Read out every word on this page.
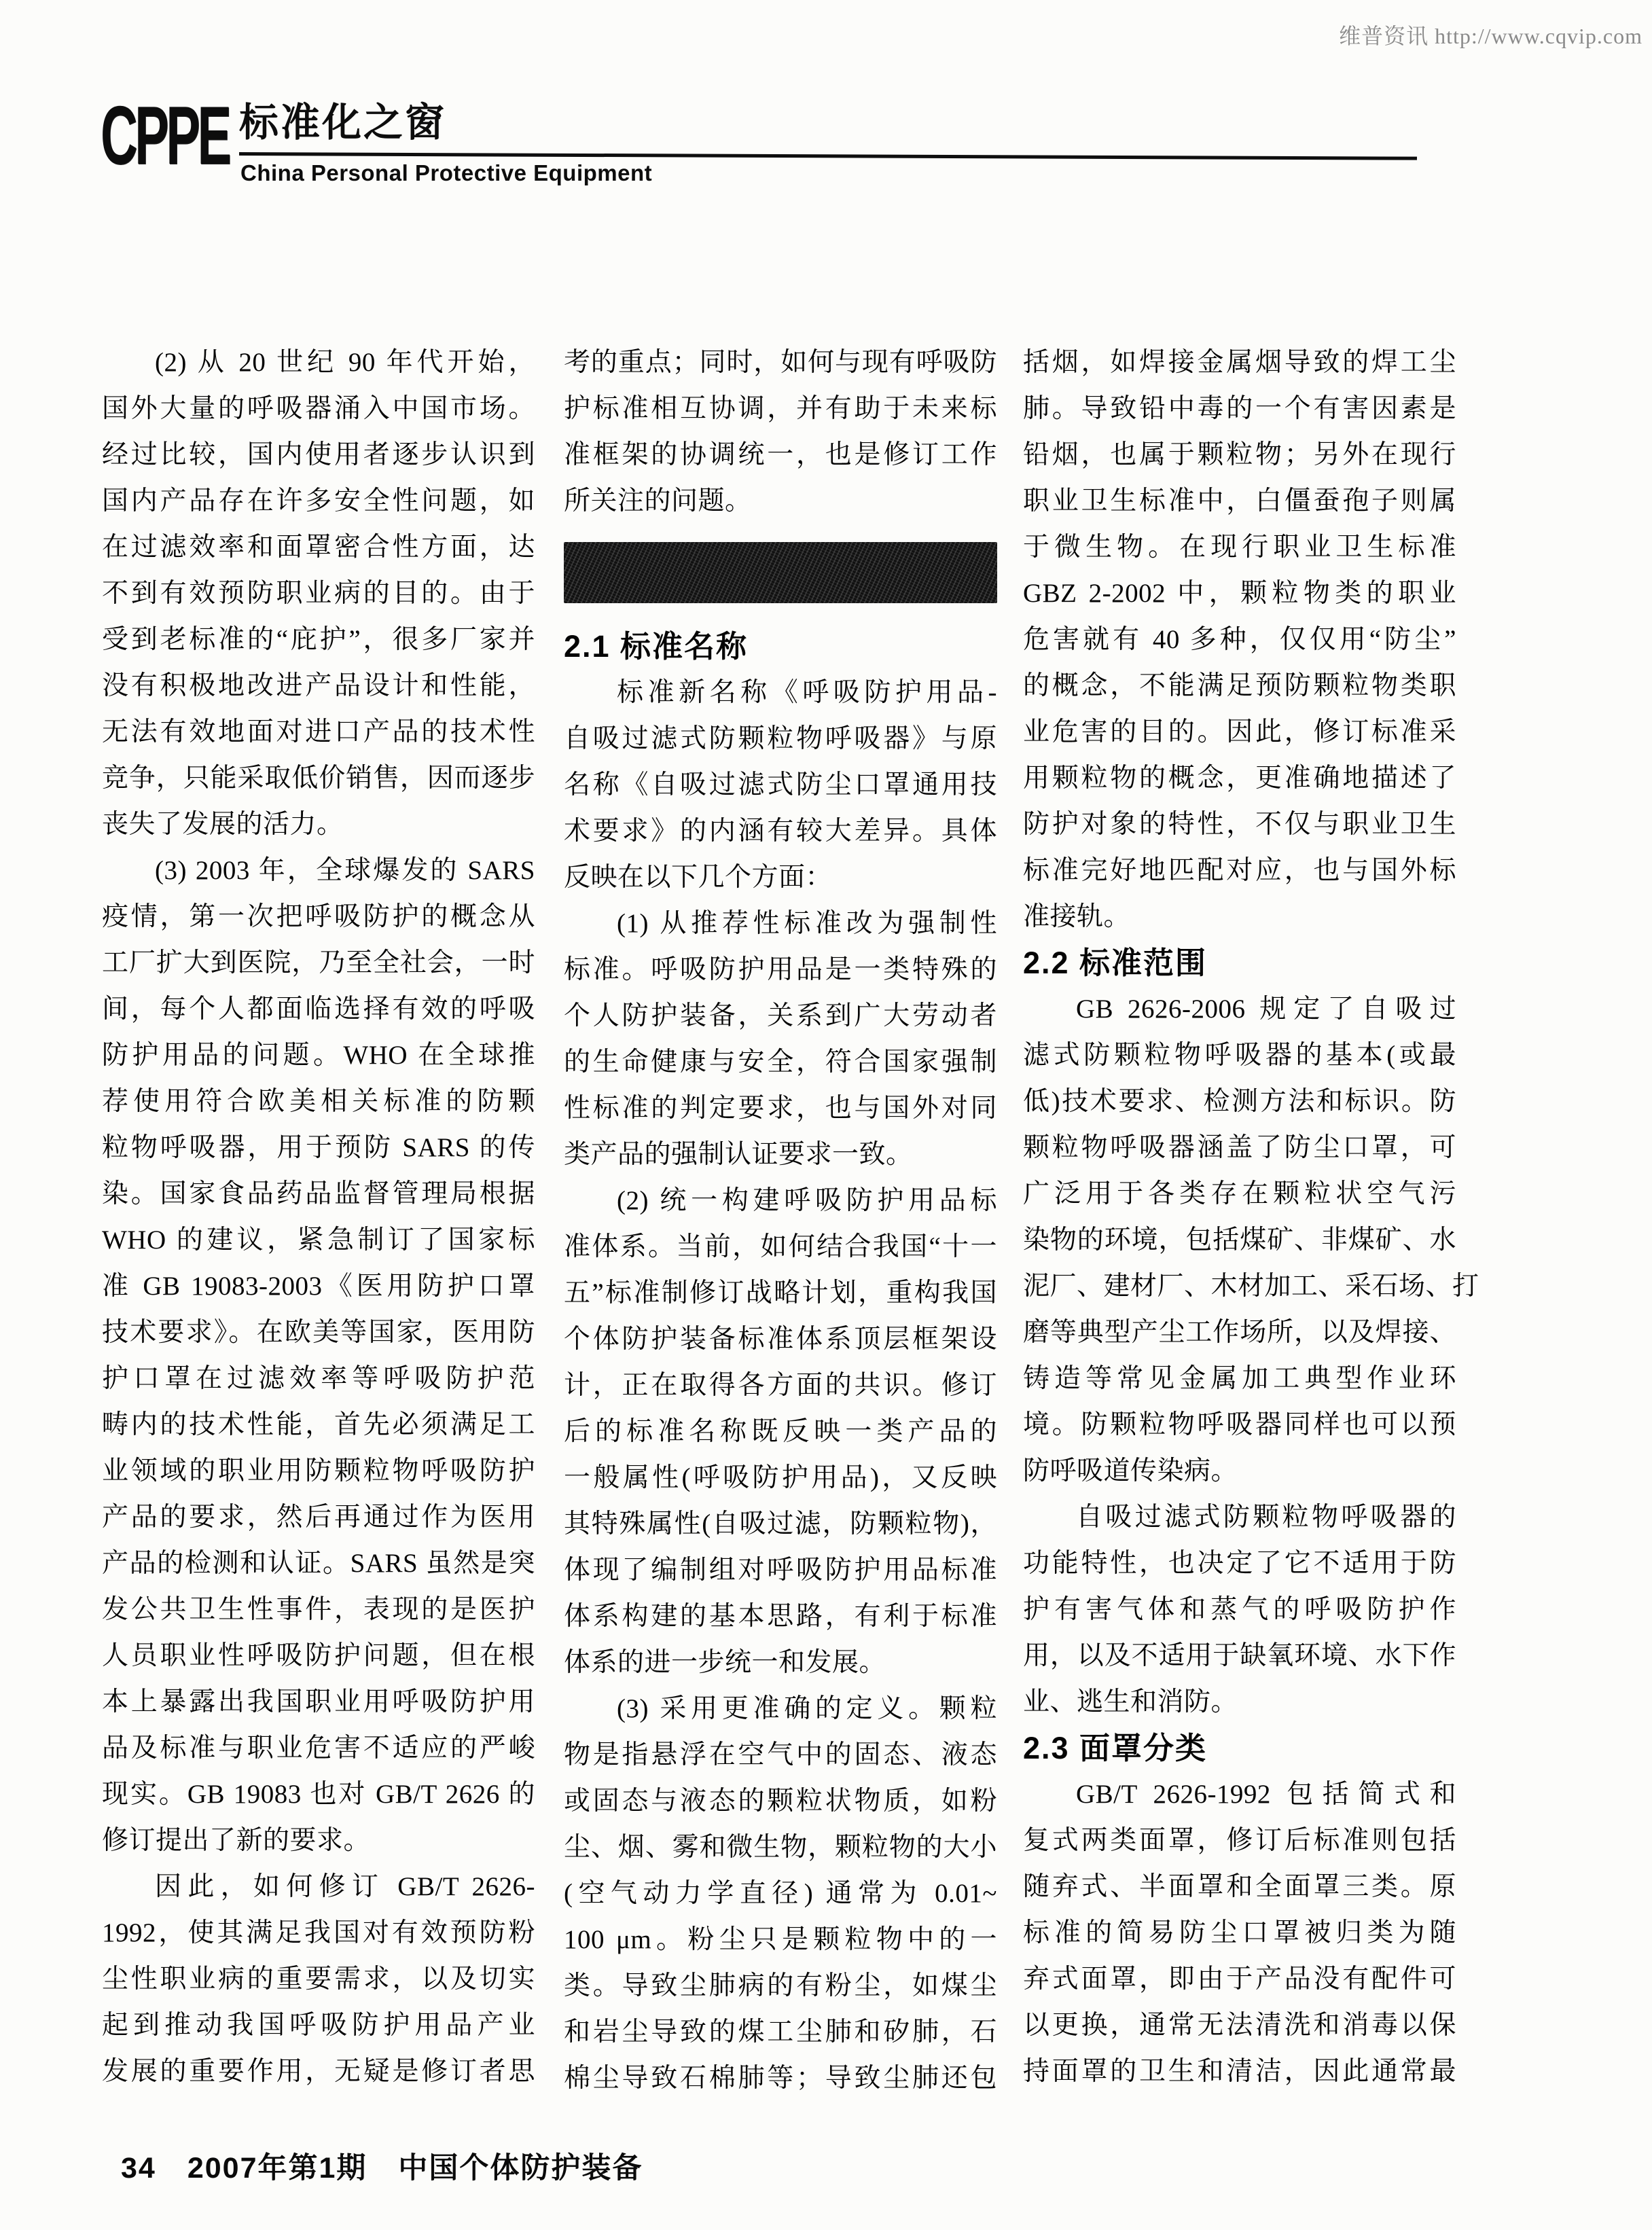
维普资讯 http://www.cqvip.com
CPPE 标准化之窗
China Personal Protective Equipment
(2) 从 20 世纪 90 年代开始，
国外大量的呼吸器涌入中国市场。
经过比较，国内使用者逐步认识到
国内产品存在许多安全性问题，如
在过滤效率和面罩密合性方面，达
不到有效预防职业病的目的。由于
受到老标准的“庇护”，很多厂家并
没有积极地改进产品设计和性能，
无法有效地面对进口产品的技术性
竞争，只能采取低价销售，因而逐步
丧失了发展的活力。
(3) 2003 年，全球爆发的 SARS
疫情，第一次把呼吸防护的概念从
工厂扩大到医院，乃至全社会，一时
间，每个人都面临选择有效的呼吸
防护用品的问题。WHO 在全球推
荐使用符合欧美相关标准的防颗
粒物呼吸器，用于预防 SARS 的传
染。国家食品药品监督管理局根据
WHO 的建议，紧急制订了国家标
准 GB 19083-2003《医用防护口罩
技术要求》。在欧美等国家，医用防
护口罩在过滤效率等呼吸防护范
畴内的技术性能，首先必须满足工
业领域的职业用防颗粒物呼吸防护
产品的要求，然后再通过作为医用
产品的检测和认证。SARS 虽然是突
发公共卫生性事件，表现的是医护
人员职业性呼吸防护问题，但在根
本上暴露出我国职业用呼吸防护用
品及标准与职业危害不适应的严峻
现实。GB 19083 也对 GB/T 2626 的
修订提出了新的要求。
因此，如何修订 GB/T 2626-
1992，使其满足我国对有效预防粉
尘性职业病的重要需求，以及切实
起到推动我国呼吸防护用品产业
发展的重要作用，无疑是修订者思
考的重点；同时，如何与现有呼吸防
护标准相互协调，并有助于未来标
准框架的协调统一，也是修订工作
所关注的问题。
2.1 标准名称
标准新名称《呼吸防护用品-
自吸过滤式防颗粒物呼吸器》与原
名称《自吸过滤式防尘口罩通用技
术要求》的内涵有较大差异。具体
反映在以下几个方面：
(1) 从推荐性标准改为强制性
标准。呼吸防护用品是一类特殊的
个人防护装备，关系到广大劳动者
的生命健康与安全，符合国家强制
性标准的判定要求，也与国外对同
类产品的强制认证要求一致。
(2) 统一构建呼吸防护用品标
准体系。当前，如何结合我国“十一
五”标准制修订战略计划，重构我国
个体防护装备标准体系顶层框架设
计，正在取得各方面的共识。修订
后的标准名称既反映一类产品的
一般属性(呼吸防护用品)，又反映
其特殊属性(自吸过滤，防颗粒物)，
体现了编制组对呼吸防护用品标准
体系构建的基本思路，有利于标准
体系的进一步统一和发展。
(3) 采用更准确的定义。颗粒
物是指悬浮在空气中的固态、液态
或固态与液态的颗粒状物质，如粉
尘、烟、雾和微生物，颗粒物的大小
(空气动力学直径) 通常为 0.01~
100 μm。粉尘只是颗粒物中的一
类。导致尘肺病的有粉尘，如煤尘
和岩尘导致的煤工尘肺和矽肺，石
棉尘导致石棉肺等；导致尘肺还包
括烟，如焊接金属烟导致的焊工尘
肺。导致铅中毒的一个有害因素是
铅烟，也属于颗粒物；另外在现行
职业卫生标准中，白僵蚕孢子则属
于微生物。在现行职业卫生标准
GBZ 2-2002 中，颗粒物类的职业
危害就有 40 多种，仅仅用“防尘”
的概念，不能满足预防颗粒物类职
业危害的目的。因此，修订标准采
用颗粒物的概念，更准确地描述了
防护对象的特性，不仅与职业卫生
标准完好地匹配对应，也与国外标
准接轨。
2.2 标准范围
GB 2626-2006 规定了自吸过
滤式防颗粒物呼吸器的基本(或最
低)技术要求、检测方法和标识。防
颗粒物呼吸器涵盖了防尘口罩，可
广泛用于各类存在颗粒状空气污
染物的环境，包括煤矿、非煤矿、水
泥厂、建材厂、木材加工、采石场、打
磨等典型产尘工作场所，以及焊接、
铸造等常见金属加工典型作业环
境。防颗粒物呼吸器同样也可以预
防呼吸道传染病。
自吸过滤式防颗粒物呼吸器的
功能特性，也决定了它不适用于防
护有害气体和蒸气的呼吸防护作
用，以及不适用于缺氧环境、水下作
业、逃生和消防。
2.3 面罩分类
GB/T 2626-1992 包括简式和
复式两类面罩，修订后标准则包括
随弃式、半面罩和全面罩三类。原
标准的简易防尘口罩被归类为随
弃式面罩，即由于产品没有配件可
以更换，通常无法清洗和消毒以保
持面罩的卫生和清洁，因此通常最
34 2007年第1期 中国个体防护装备
